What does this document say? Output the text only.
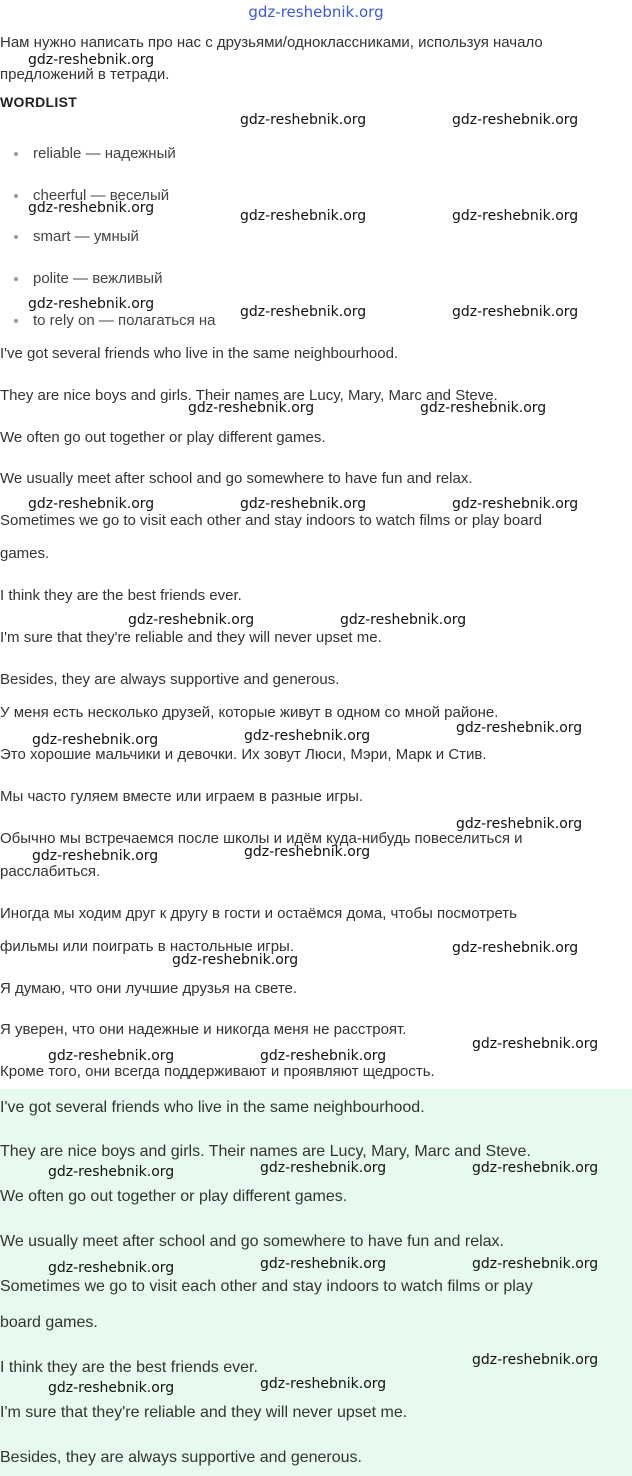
gdz-reshebnik.org

Нам нужно написать про нас с друзьями/одноклассниками, используя начало

предложений в тетради.

WORDLIST
reliable — надежный
cheerful — веселый
smart — умный
polite — вежливый
to rely on — полагаться на

I've got several friends who live in the same neighbourhood.

They are nice boys and girls. Their names are Lucy, Mary, Marc and Steve.

We often go out together or play different games.

We usually meet after school and go somewhere to have fun and relax.

Sometimes we go to visit each other and stay indoors to watch films or play board

games.

I think they are the best friends ever.

I'm sure that they're reliable and they will never upset me.

Besides, they are always supportive and generous.

У меня есть несколько друзей, которые живут в одном со мной районе.

Это хорошие мальчики и девочки. Их зовут Люси, Мэри, Марк и Стив.

Мы часто гуляем вместе или играем в разные игры.

Обычно мы встречаемся после школы и идём куда-нибудь повеселиться и

расслабиться.

Иногда мы ходим друг к другу в гости и остаёмся дома, чтобы посмотреть

фильмы или поиграть в настольные игры.

Я думаю, что они лучшие друзья на свете.

Я уверен, что они надежные и никогда меня не расстроят.

Кроме того, они всегда поддерживают и проявляют щедрость.

I've got several friends who live in the same neighbourhood.

They are nice boys and girls. Their names are Lucy, Mary, Marc and Steve.

We often go out together or play different games.

We usually meet after school and go somewhere to have fun and relax.

Sometimes we go to visit each other and stay indoors to watch films or play

board games.

I think they are the best friends ever.

I'm sure that they're reliable and they will never upset me.

Besides, they are always supportive and generous.

gdz-reshebnik.org
gdz-reshebnik.org	gdz-reshebnik.org
gdz-reshebnik.org	gdz-reshebnik.org	gdz-reshebnik.org
gdz-reshebnik.org	gdz-reshebnik.org	gdz-reshebnik.org
gdz-reshebnik.org	gdz-reshebnik.org
gdz-reshebnik.org	gdz-reshebnik.org	gdz-reshebnik.org
gdz-reshebnik.org	gdz-reshebnik.org
gdz-reshebnik.org
gdz-reshebnik.org	gdz-reshebnik.org
gdz-reshebnik.org
gdz-reshebnik.org	gdz-reshebnik.org
gdz-reshebnik.org
gdz-reshebnik.org
gdz-reshebnik.org
gdz-reshebnik.org	gdz-reshebnik.org
gdz-reshebnik.org	gdz-reshebnik.org	gdz-reshebnik.org
gdz-reshebnik.org	gdz-reshebnik.org	gdz-reshebnik.org
gdz-reshebnik.org
gdz-reshebnik.org	gdz-reshebnik.org
